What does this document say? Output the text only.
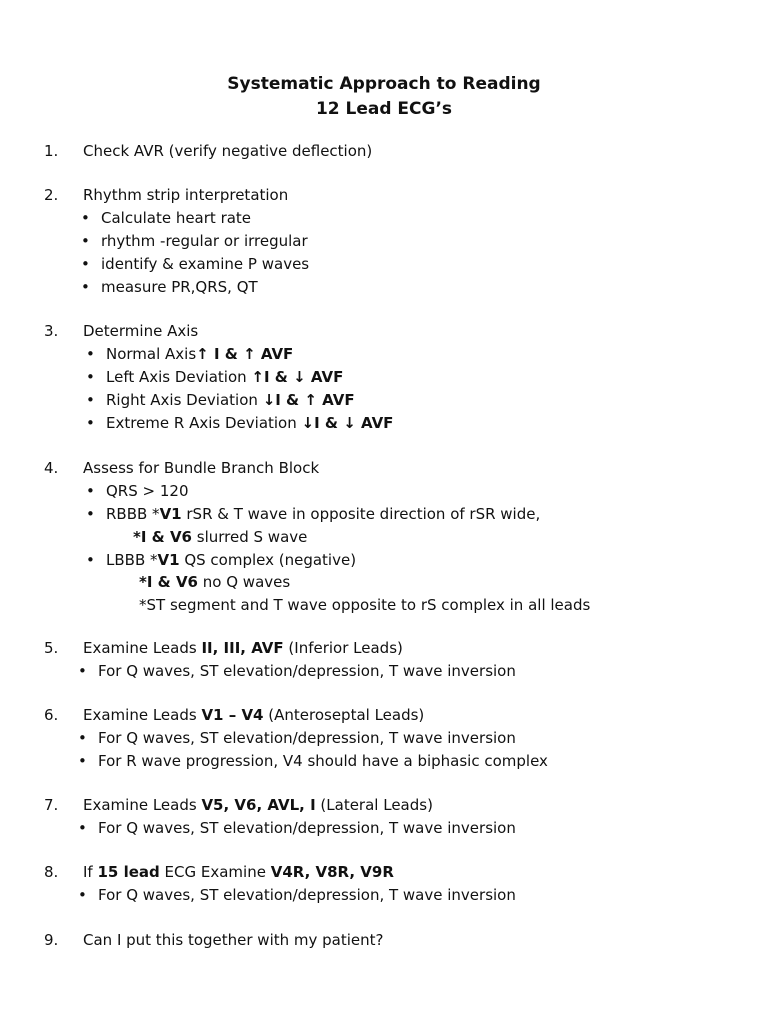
Systematic Approach to Reading
12 Lead ECG’s
1. Check AVR (verify negative deflection)
2. Rhythm strip interpretation
• Calculate heart rate
• rhythm -regular or irregular
• identify & examine P waves
• measure PR,QRS, QT
3. Determine Axis
• Normal Axis↑ I & ↑ AVF
• Left Axis Deviation ↑I & ↓ AVF
• Right Axis Deviation ↓I & ↑ AVF
• Extreme R Axis Deviation ↓I & ↓ AVF
4. Assess for Bundle Branch Block
• QRS > 120
• RBBB *V1 rSR & T wave in opposite direction of rSR wide,
*I & V6 slurred S wave
• LBBB *V1 QS complex (negative)
*I & V6 no Q waves
*ST segment and T wave opposite to rS complex in all leads
5. Examine Leads II, III, AVF (Inferior Leads)
• For Q waves, ST elevation/depression, T wave inversion
6. Examine Leads V1 – V4 (Anteroseptal Leads)
• For Q waves, ST elevation/depression, T wave inversion
• For R wave progression, V4 should have a biphasic complex
7. Examine Leads V5, V6, AVL, I (Lateral Leads)
• For Q waves, ST elevation/depression, T wave inversion
8. If 15 lead ECG Examine V4R, V8R, V9R
• For Q waves, ST elevation/depression, T wave inversion
9. Can I put this together with my patient?
